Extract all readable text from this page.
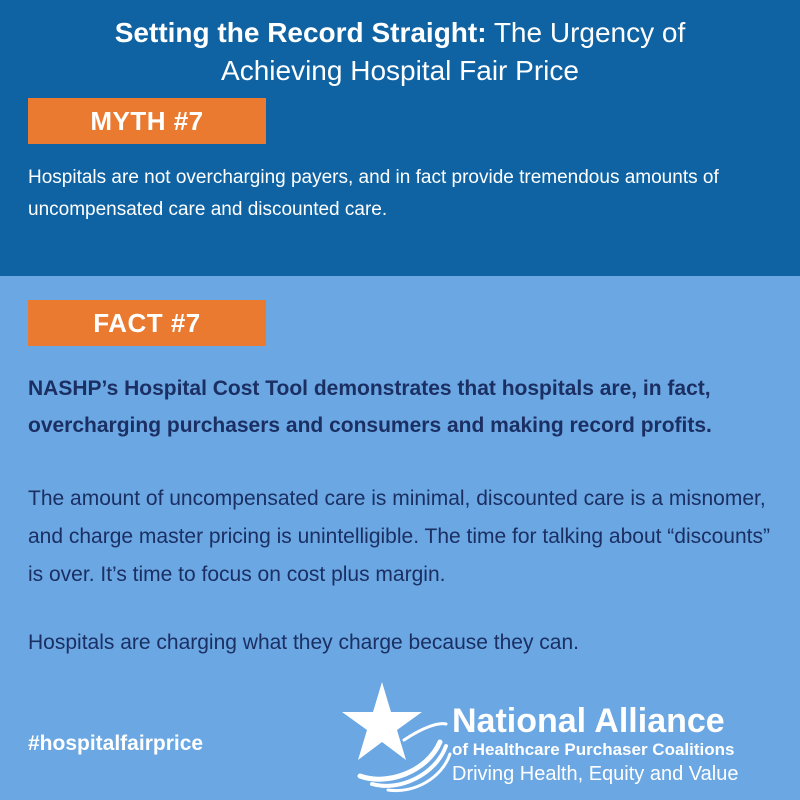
Setting the Record Straight: The Urgency of
Achieving Hospital Fair Price
MYTH #7
Hospitals are not overcharging payers, and in fact provide tremendous amounts of uncompensated care and discounted care.
FACT #7
NASHP’s Hospital Cost Tool demonstrates that hospitals are, in fact, overcharging purchasers and consumers and making record profits.
The amount of uncompensated care is minimal, discounted care is a misnomer, and charge master pricing is unintelligible. The time for talking about “discounts” is over. It’s time to focus on cost plus margin.
Hospitals are charging what they charge because they can.
#hospitalfairprice
National Alliance
of Healthcare Purchaser Coalitions
Driving Health, Equity and Value
